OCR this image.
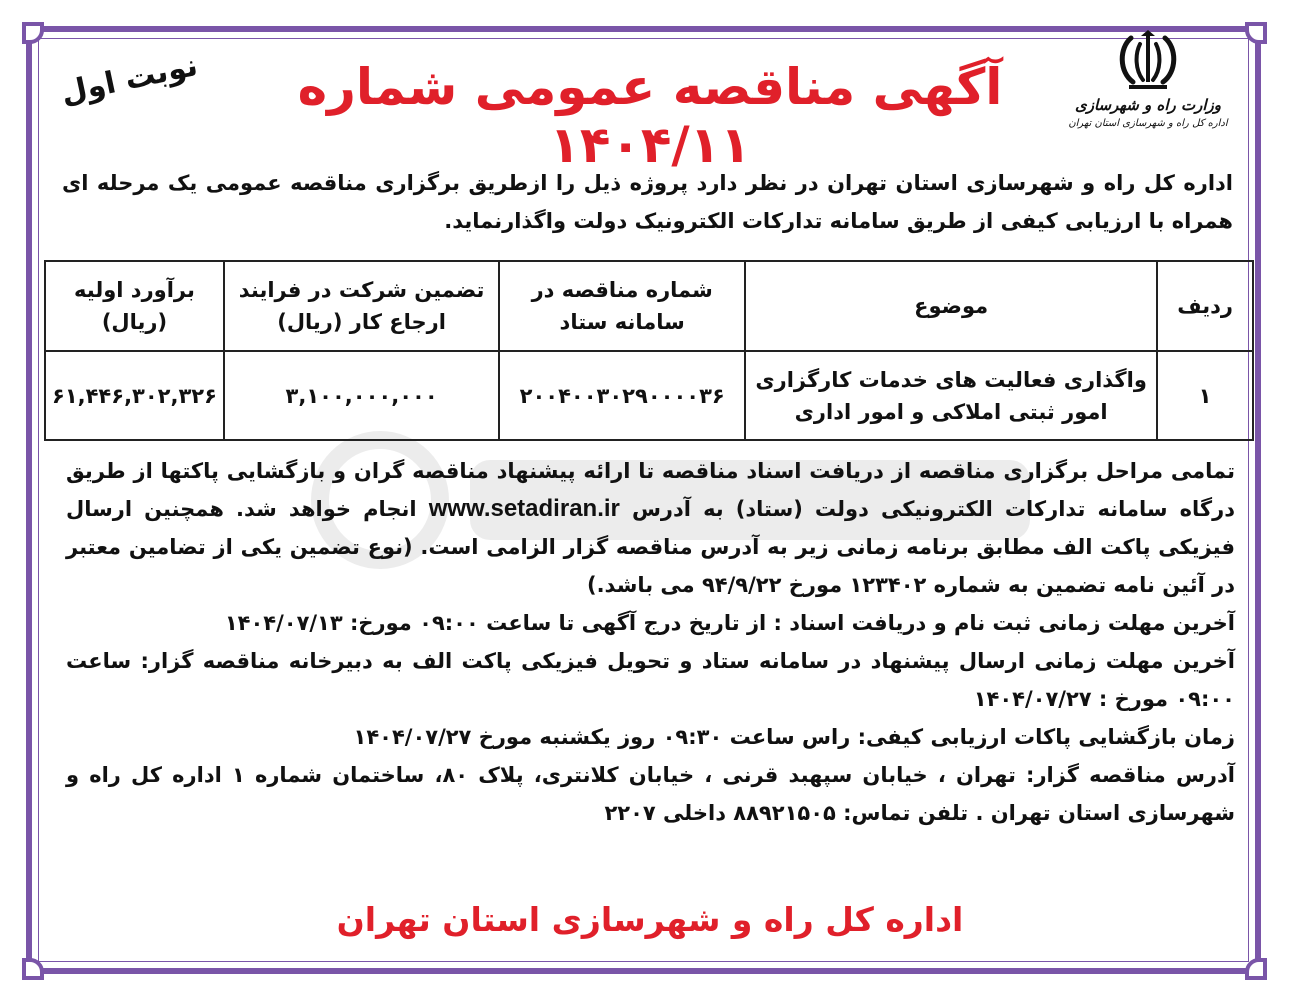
وزارت راه و شهرسازی
اداره کل راه و شهرسازی استان تهران
آگهی مناقصه عمومی شماره ۱۴۰۴/۱۱
نوبت اول
اداره کل راه و شهرسازی استان تهران در نظر دارد پروژه ذیل را ازطریق برگزاری مناقصه عمومی یک مرحله ای همراه با ارزیابی کیفی از طریق سامانه تدارکات الکترونیک دولت واگذارنماید.
ردیف	موضوع	شماره مناقصه در سامانه ستاد	تضمین شرکت در فرایند ارجاع کار (ریال)	برآورد اولیه (ریال)
۱	واگذاری فعالیت های خدمات کارگزاری امور ثبتی املاکی و امور اداری	۲۰۰۴۰۰۳۰۲۹۰۰۰۰۳۶	۳,۱۰۰,۰۰۰,۰۰۰	۶۱,۴۴۶,۳۰۲,۳۲۶

تمامی مراحل برگزاری مناقصه از دریافت اسناد مناقصه تا ارائه پیشنهاد مناقصه گران و بازگشایی پاکتها از طریق درگاه سامانه تدارکات الکترونیکی دولت (ستاد) به آدرس www.setadiran.ir انجام خواهد شد. همچنین ارسال فیزیکی پاکت الف مطابق برنامه زمانی زیر به آدرس مناقصه گزار الزامی است. (نوع تضمین یکی از تضامین معتبر در آئین نامه تضمین به شماره ۱۲۳۴۰۲ مورخ ۹۴/۹/۲۲ می باشد.)

آخرین مهلت زمانی ثبت نام و دریافت اسناد : از تاریخ درج آگهی تا ساعت ۰۹:۰۰ مورخ: ۱۴۰۴/۰۷/۱۳

آخرین مهلت زمانی ارسال پیشنهاد در سامانه ستاد و تحویل فیزیکی پاکت الف به دبیرخانه مناقصه گزار: ساعت ۰۹:۰۰ مورخ : ۱۴۰۴/۰۷/۲۷

زمان بازگشایی پاکات ارزیابی کیفی: راس ساعت ۰۹:۳۰ روز یکشنبه مورخ ۱۴۰۴/۰۷/۲۷

آدرس مناقصه گزار: تهران ، خیابان سپهبد قرنی ، خیابان کلانتری، پلاک ۸۰، ساختمان شماره ۱ اداره کل راه و شهرسازی استان تهران . تلفن تماس: ۸۸۹۲۱۵۰۵ داخلی ۲۲۰۷

اداره کل راه و شهرسازی استان تهران
